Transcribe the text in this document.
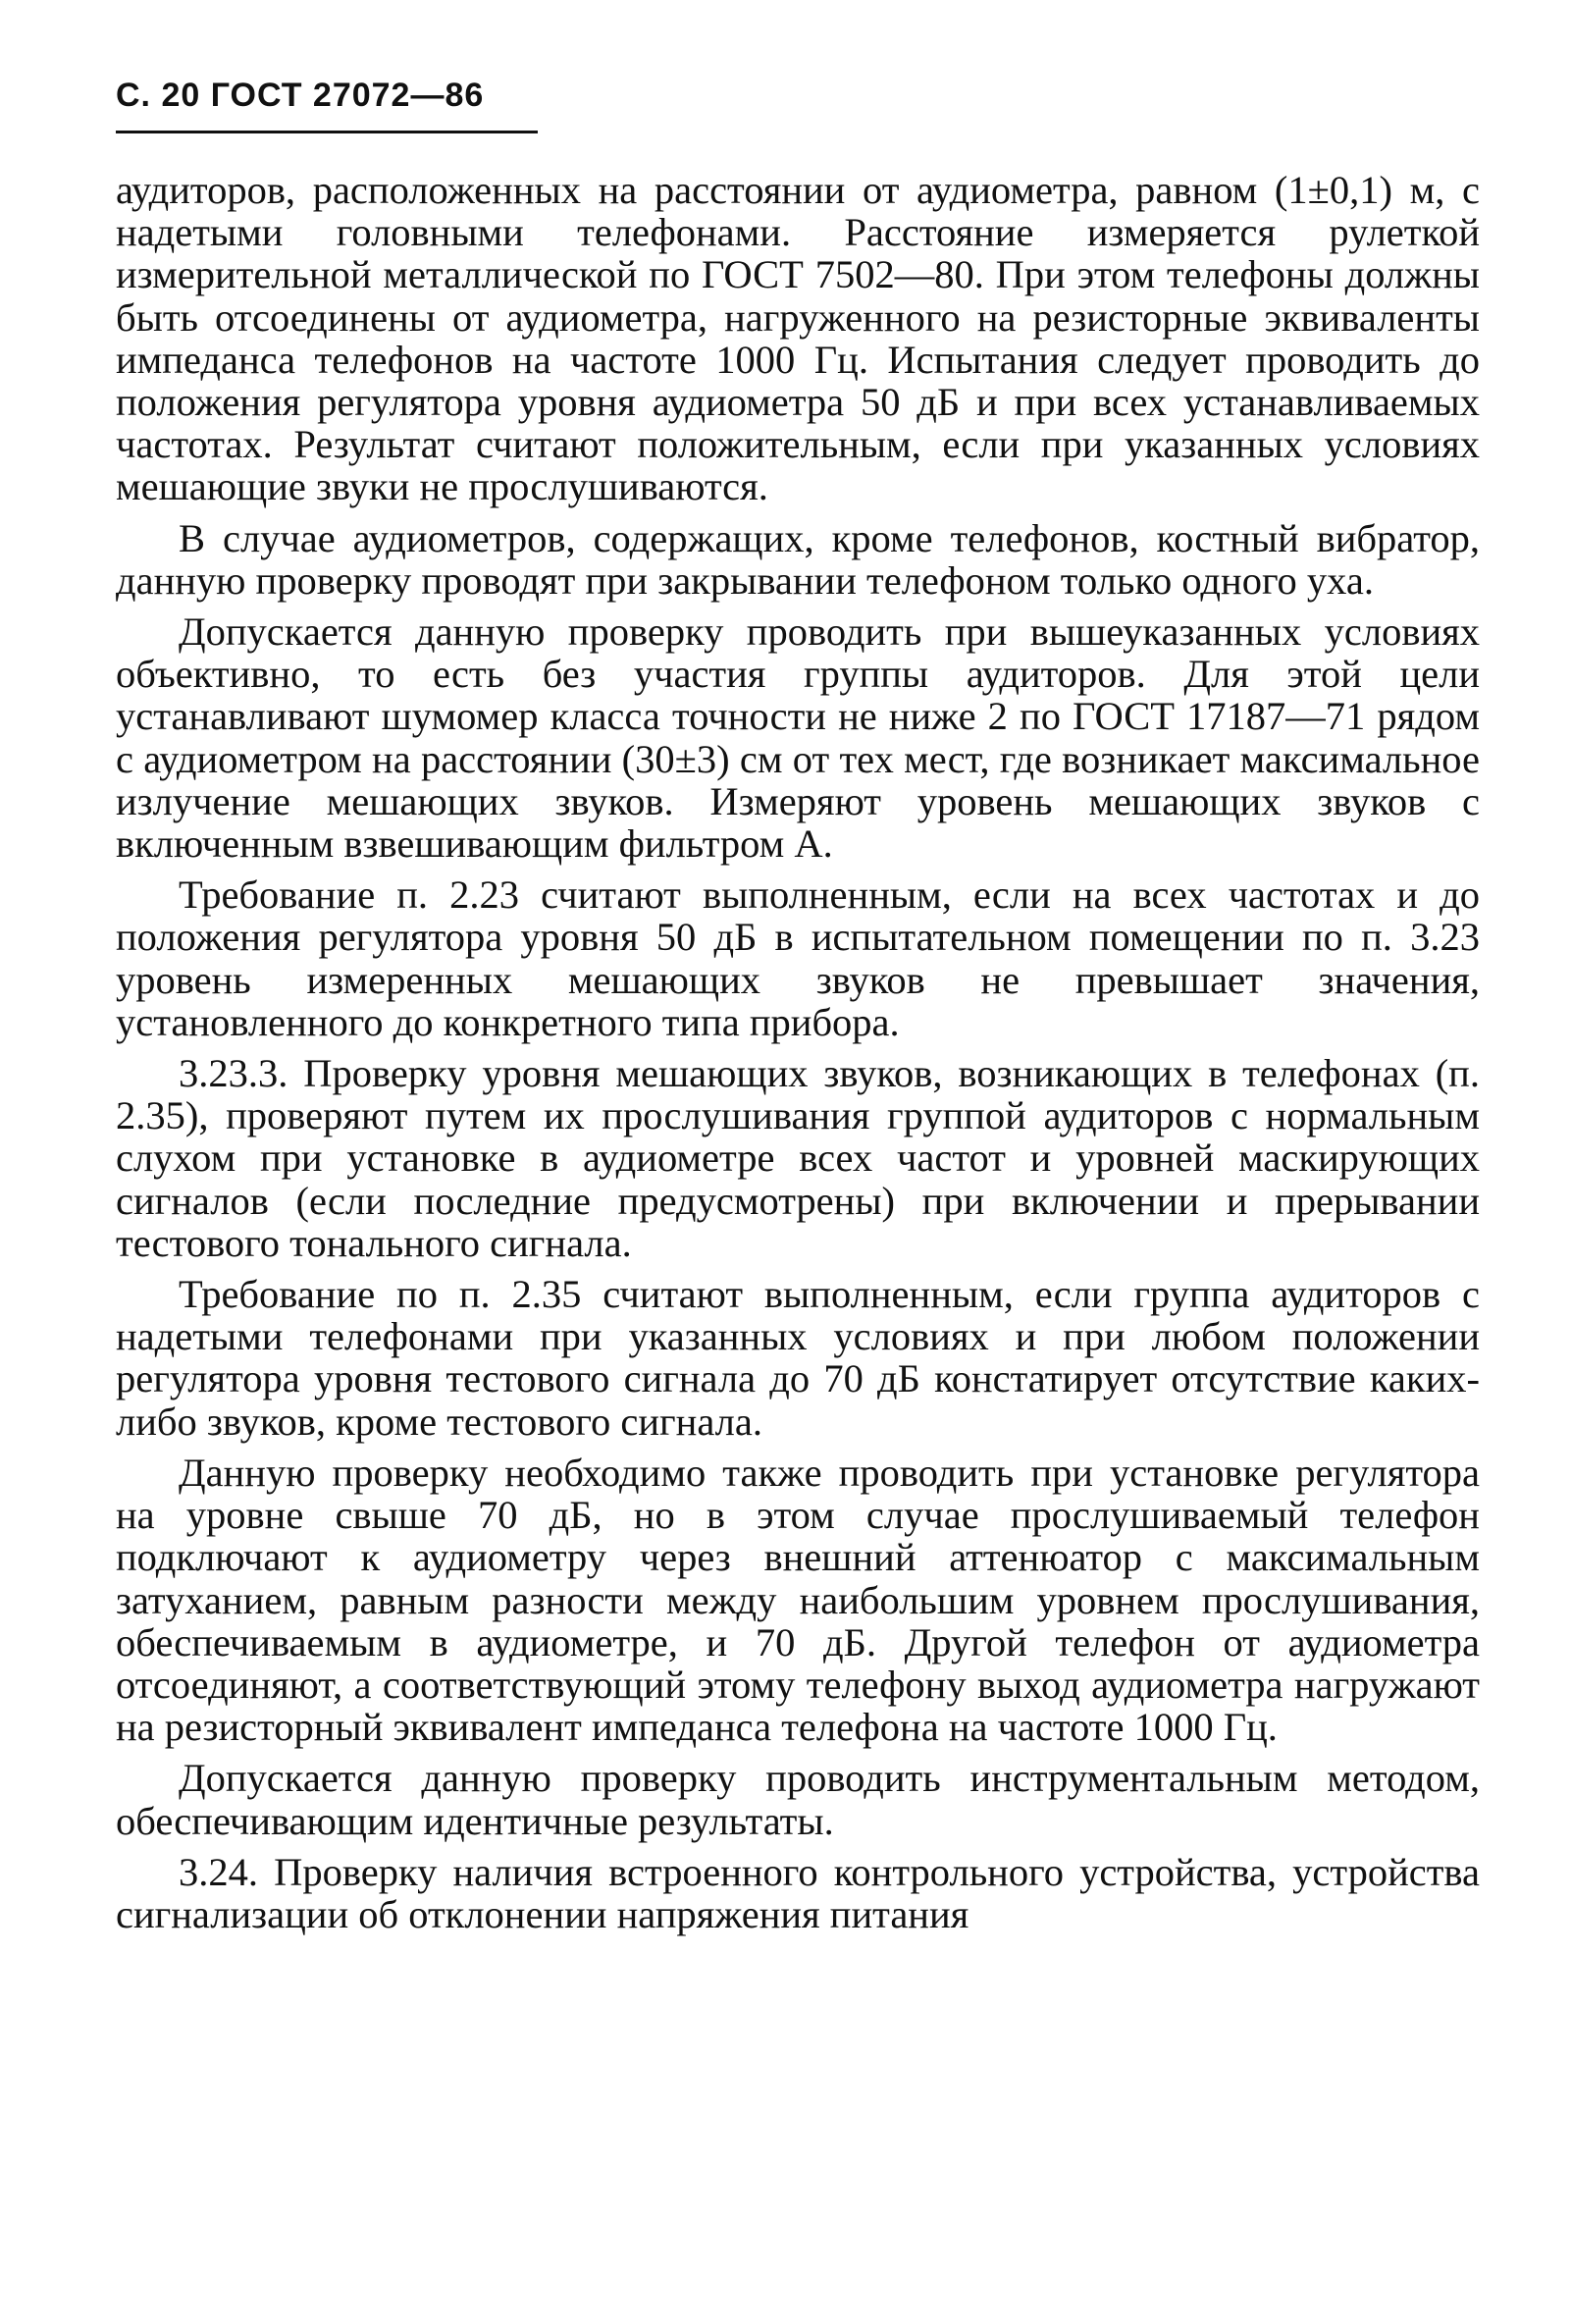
С. 20 ГОСТ 27072—86

аудиторов, расположенных на расстоянии от аудиометра, равном (1±0,1) м, с надетыми головными телефонами. Расстояние измеряется рулеткой измерительной металлической по ГОСТ 7502—80. При этом телефоны должны быть отсоединены от аудиометра, нагруженного на резисторные эквиваленты импеданса телефонов на частоте 1000 Гц. Испытания следует проводить до положения регулятора уровня аудиометра 50 дБ и при всех устанавливаемых частотах. Результат считают положительным, если при указанных условиях мешающие звуки не прослушиваются.

В случае аудиометров, содержащих, кроме телефонов, костный вибратор, данную проверку проводят при закрывании телефоном только одного уха.

Допускается данную проверку проводить при вышеуказанных условиях объективно, то есть без участия группы аудиторов. Для этой цели устанавливают шумомер класса точности не ниже 2 по ГОСТ 17187—71 рядом с аудиометром на расстоянии (30±3) см от тех мест, где возникает максимальное излучение мешающих звуков. Измеряют уровень мешающих звуков с включенным взвешивающим фильтром А.

Требование п. 2.23 считают выполненным, если на всех частотах и до положения регулятора уровня 50 дБ в испытательном помещении по п. 3.23 уровень измеренных мешающих звуков не превышает значения, установленного до конкретного типа прибора.

3.23.3. Проверку уровня мешающих звуков, возникающих в телефонах (п. 2.35), проверяют путем их прослушивания группой аудиторов с нормальным слухом при установке в аудиометре всех частот и уровней маскирующих сигналов (если последние предусмотрены) при включении и прерывании тестового тонального сигнала.

Требование по п. 2.35 считают выполненным, если группа аудиторов с надетыми телефонами при указанных условиях и при любом положении регулятора уровня тестового сигнала до 70 дБ констатирует отсутствие каких-либо звуков, кроме тестового сигнала.

Данную проверку необходимо также проводить при установке регулятора на уровне свыше 70 дБ, но в этом случае прослушиваемый телефон подключают к аудиометру через внешний аттенюатор с максимальным затуханием, равным разности между наибольшим уровнем прослушивания, обеспечиваемым в аудиометре, и 70 дБ. Другой телефон от аудиометра отсоединяют, а соответствующий этому телефону выход аудиометра нагружают на резисторный эквивалент импеданса телефона на частоте 1000 Гц.

Допускается данную проверку проводить инструментальным методом, обеспечивающим идентичные результаты.

3.24. Проверку наличия встроенного контрольного устройства, устройства сигнализации об отклонении напряжения питания
